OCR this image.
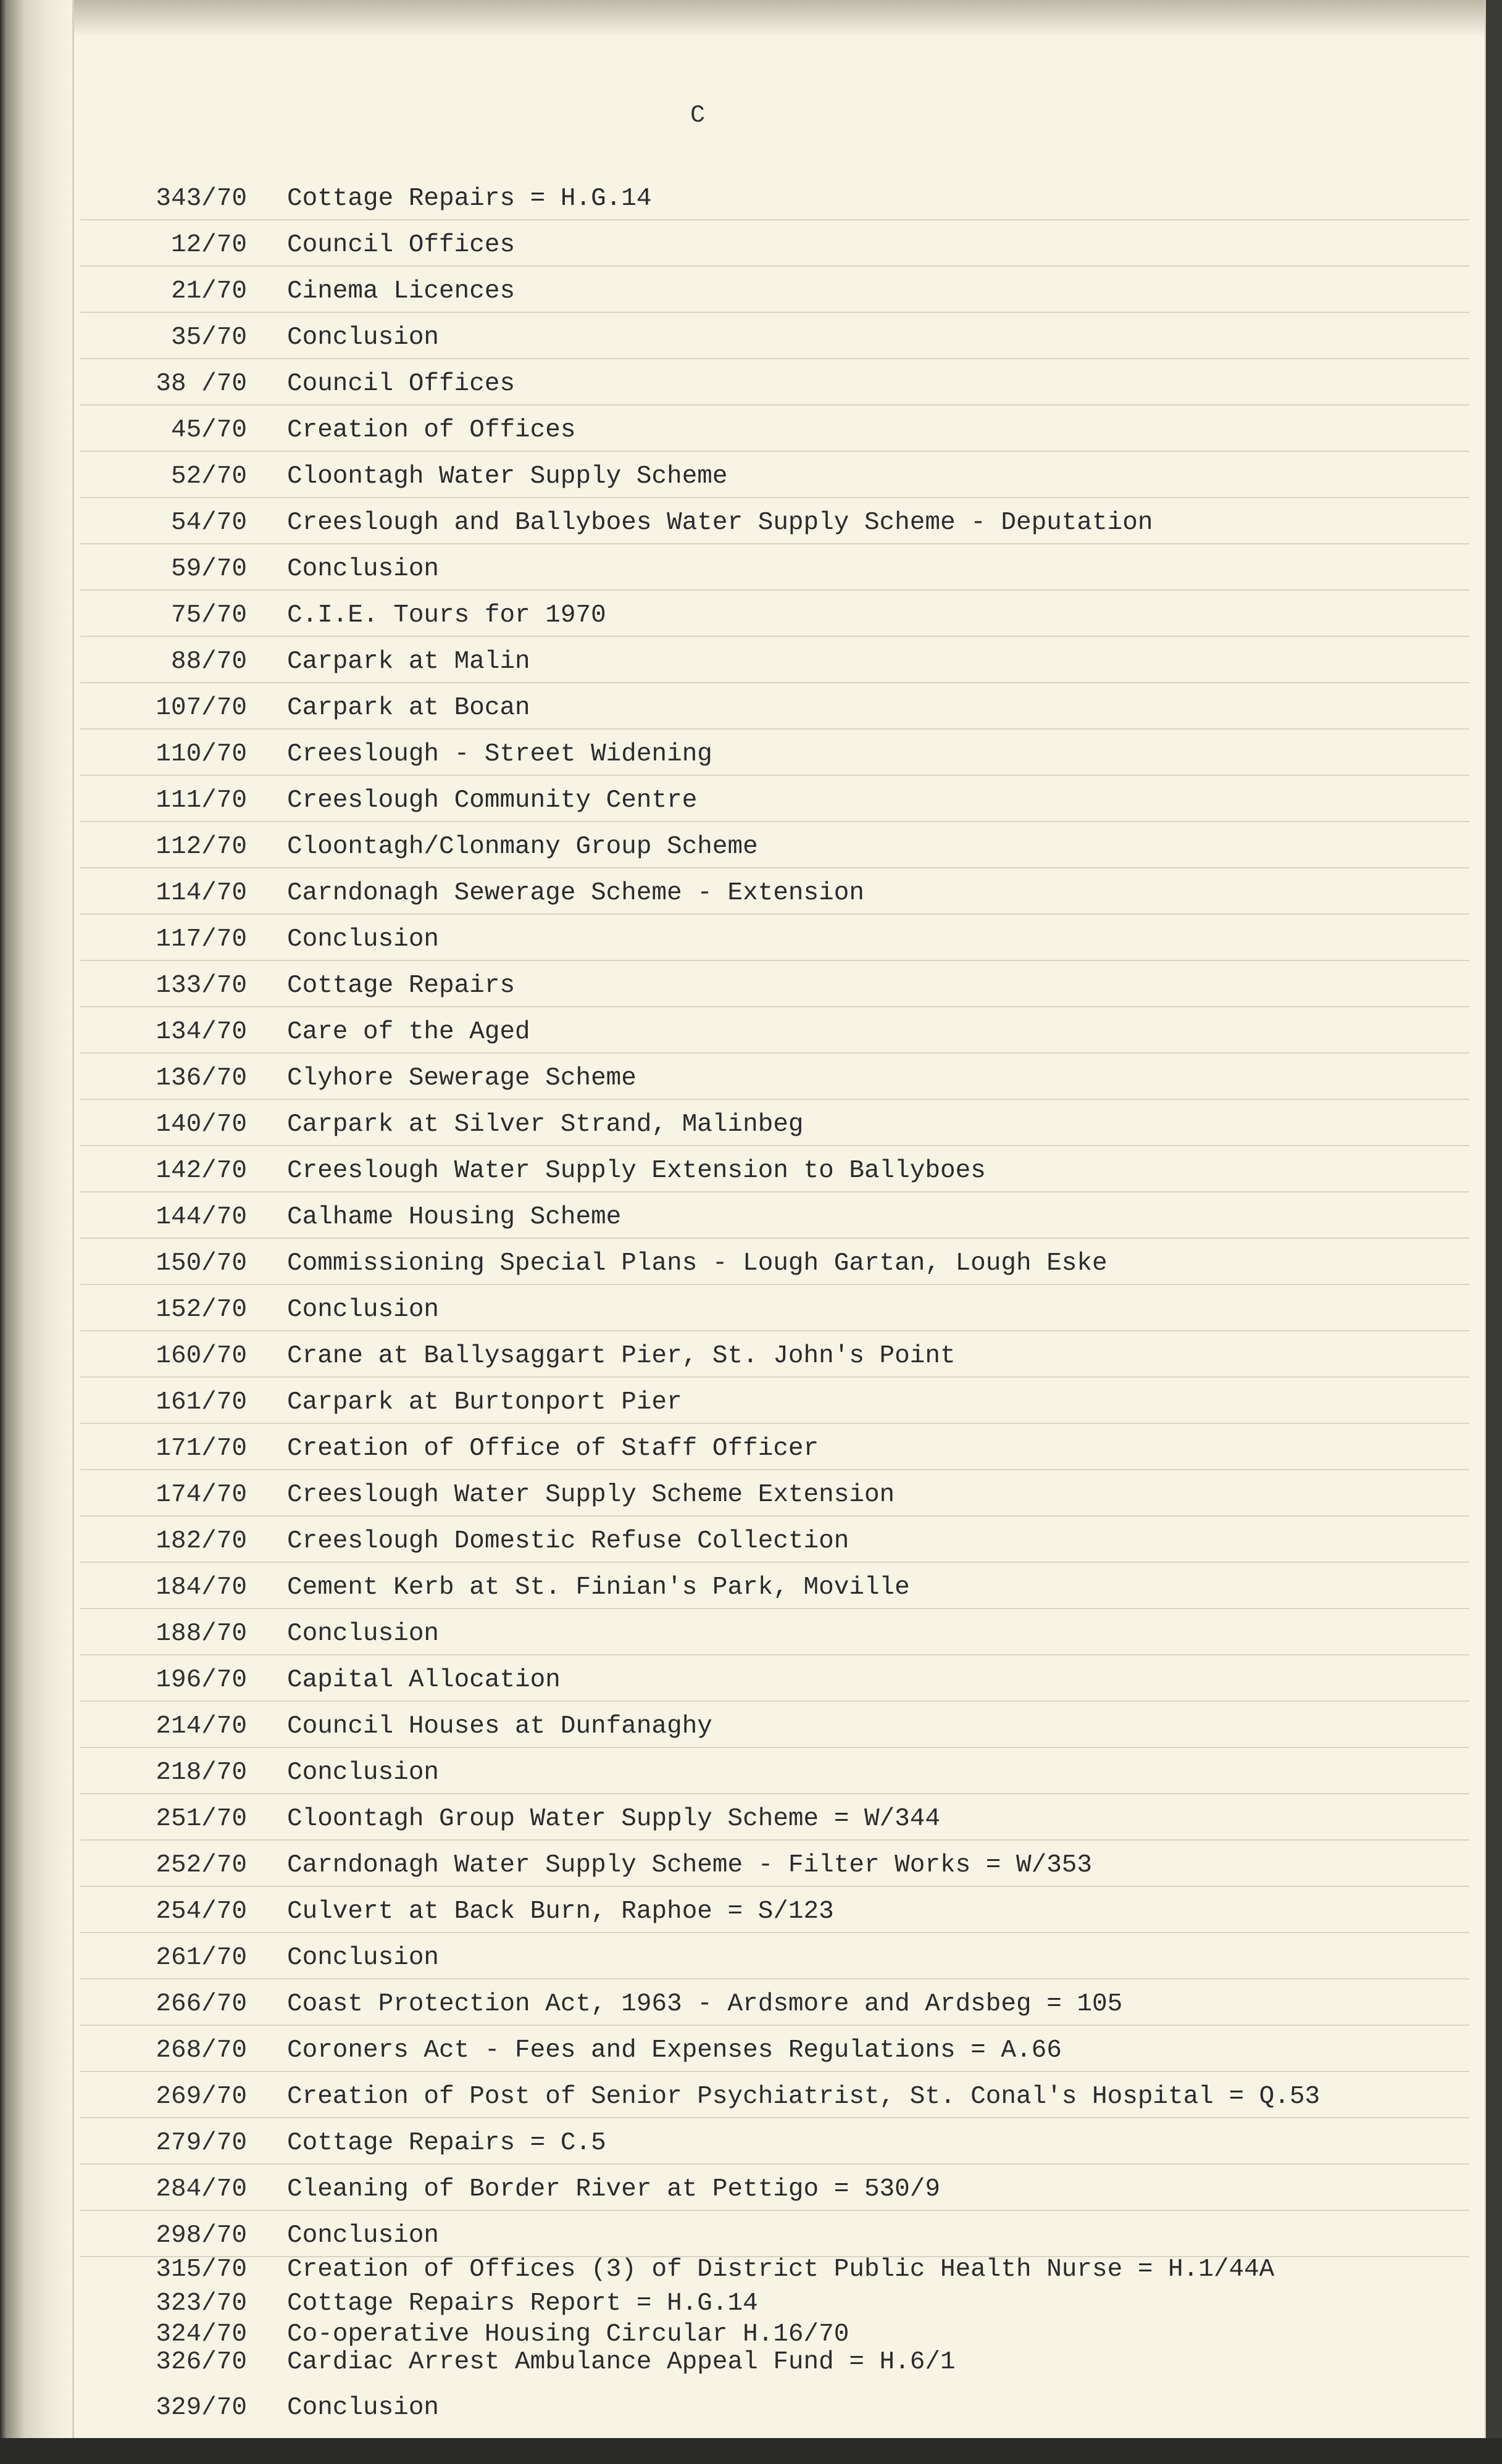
C
343/70 Cottage Repairs = H.G.14
12/70 Council Offices
21/70 Cinema Licences
35/70 Conclusion
38 /70 Council Offices
45/70 Creation of Offices
52/70 Cloontagh Water Supply Scheme
54/70 Creeslough and Ballyboes Water Supply Scheme - Deputation
59/70 Conclusion
75/70 C.I.E. Tours for 1970
88/70 Carpark at Malin
107/70 Carpark at Bocan
110/70 Creeslough - Street Widening
111/70 Creeslough Community Centre
112/70 Cloontagh/Clonmany Group Scheme
114/70 Carndonagh Sewerage Scheme - Extension
117/70 Conclusion
133/70 Cottage Repairs
134/70 Care of the Aged
136/70 Clyhore Sewerage Scheme
140/70 Carpark at Silver Strand, Malinbeg
142/70 Creeslough Water Supply Extension to Ballyboes
144/70 Calhame Housing Scheme
150/70 Commissioning Special Plans - Lough Gartan, Lough Eske
152/70 Conclusion
160/70 Crane at Ballysaggart Pier, St. John's Point
161/70 Carpark at Burtonport Pier
171/70 Creation of Office of Staff Officer
174/70 Creeslough Water Supply Scheme Extension
182/70 Creeslough Domestic Refuse Collection
184/70 Cement Kerb at St. Finian's Park, Moville
188/70 Conclusion
196/70 Capital Allocation
214/70 Council Houses at Dunfanaghy
218/70 Conclusion
251/70 Cloontagh Group Water Supply Scheme = W/344
252/70 Carndonagh Water Supply Scheme - Filter Works = W/353
254/70 Culvert at Back Burn, Raphoe = S/123
261/70 Conclusion
266/70 Coast Protection Act, 1963 - Ardsmore and Ardsbeg = 105
268/70 Coroners Act - Fees and Expenses Regulations = A.66
269/70 Creation of Post of Senior Psychiatrist, St. Conal's Hospital = Q.53
279/70 Cottage Repairs = C.5
284/70 Cleaning of Border River at Pettigo = 530/9
298/70 Conclusion
315/70 Creation of Offices (3) of District Public Health Nurse = H.1/44A
323/70 Cottage Repairs Report = H.G.14
324/70 Co-operative Housing Circular H.16/70
326/70 Cardiac Arrest Ambulance Appeal Fund = H.6/1
329/70 Conclusion
